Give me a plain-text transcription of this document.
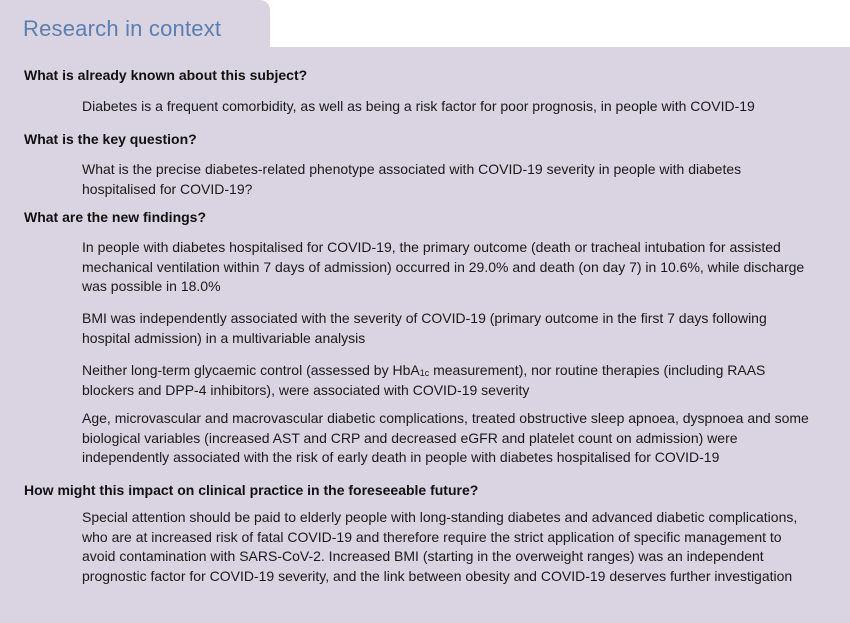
Research in context
What is already known about this subject?
Diabetes is a frequent comorbidity, as well as being a risk factor for poor prognosis, in people with COVID-19
What is the key question?
What is the precise diabetes-related phenotype associated with COVID-19 severity in people with diabetes hospitalised for COVID-19?
What are the new findings?
In people with diabetes hospitalised for COVID-19, the primary outcome (death or tracheal intubation for assisted mechanical ventilation within 7 days of admission) occurred in 29.0% and death (on day 7) in 10.6%, while discharge was possible in 18.0%
BMI was independently associated with the severity of COVID-19 (primary outcome in the first 7 days following hospital admission) in a multivariable analysis
Neither long-term glycaemic control (assessed by HbA$_{1c}$ measurement), nor routine therapies (including RAAS blockers and DPP-4 inhibitors), were associated with COVID-19 severity
Age, microvascular and macrovascular diabetic complications, treated obstructive sleep apnoea, dyspnoea and some biological variables (increased AST and CRP and decreased eGFR and platelet count on admission) were independently associated with the risk of early death in people with diabetes hospitalised for COVID-19
How might this impact on clinical practice in the foreseeable future?
Special attention should be paid to elderly people with long-standing diabetes and advanced diabetic complications, who are at increased risk of fatal COVID-19 and therefore require the strict application of specific management to avoid contamination with SARS-CoV-2. Increased BMI (starting in the overweight ranges) was an independent prognostic factor for COVID-19 severity, and the link between obesity and COVID-19 deserves further investigation
